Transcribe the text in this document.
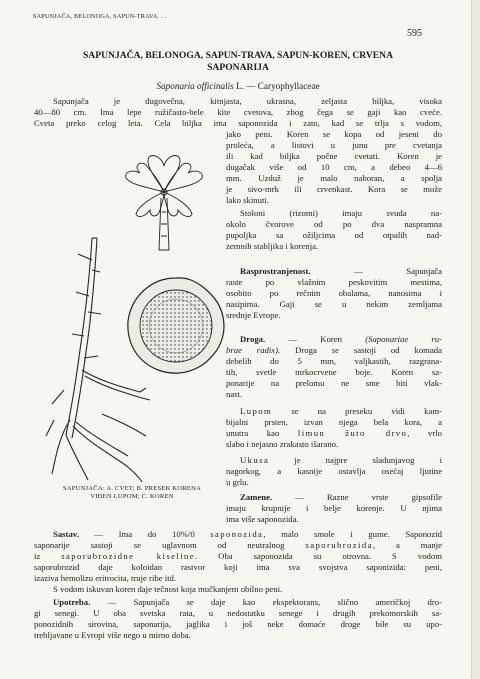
SAPUNJAČA, BELONOGA, SAPUN-TRAVA. . .
595
SAPUNJAČA, BELONOGA, SAPUN-TRAVA, SAPUN-KOREN, CRVENA
SAPONARIJA
Saponaria officinalis L. — Caryophyllaceae
Sapunjača je dugovečna, kitnjasta, ukrasna, zeljasta biljka, visoka
40—80 cm. Ima lepe ružičasto-bele kite cvetova, zbog čega se gaji kao cveće.
Cveta preko celog leta. Cela biljka ima saponozida i zato, kad se trlja s vodom,
jako peni. Koren se kopa od jeseni do
proleća, a listovi u junu pre cvetanja
ili kad biljka počne cvetati. Koren je
dugačak više od 10 cm, a debeo 4—6
mm. Uzduž je malo naboran, a spolja
je sivo-mrk ili crvenkast. Kora se može
lako skinuti.
Stoloni (rizomi) imaju svuda na-
okolo čvorove od po dva naspramna
pupoljka sa ožiljcima od otpalih nad-
zemnih stabljika i korenja.
Rasprostranjenost. — Sapunjača
raste po vlažnim peskovitim mestima,
osobito po rečnim obalama, nanosima i
nasipima. Gaji se u nekim zemljama
srednje Evrope.
Droga. — Koren (Saponariae ru-
brae radix). Droga se sastoji od komada
debelih do 5 mm, valjkastih, razgrana-
tih, svetle mrkocrvene boje. Koren sa-
ponarije na prelomu ne sme biti vlak-
nast.
Lupom se na preseku vidi kam-
bijalni prsten, izvan njega bela kora, a
unutra kao limun žuto drvo, vrlo
slabo i nejasno zrakasto išarano.
Ukusa je najpre sladunjavog i
nagorkog, a kasnije ostavlja osećaj ljutine
u grlu.
SAPUNJAČA: A. CVET; B. PRESEK KORENA
VIĐEN LUPOM; C. KOREN	Zamene. — Razne vrste gipsofile
imaju krupnije i belje korenje. U njima
ima više saponozida.
Sastav. — Ima do 10%/0 saponozida, malo smole i gume. Saponozid
saponarije sastoji se uglavnom od neutralnog saporubrozida, a manje
iz saporubrozidne kiseline. Oba saponozida su otrovna. S vodom
saporubrozid daje koloidan rastvor koji ima sva svojstva saponizida: peni,
izaziva hemolizu eritrocita, truje ribe itd.
S vodom iskuvan koren daje tečnost koja mučkanjem obilno peni.
Upotreba. — Sapunjača se daje kao ekspektorans, slično američkoj dro-
gi senegi. U oba svetska rata, u nedostatku senege i drugih prekomorskih sa-
ponozidnih sirovina, saponarija, jaglika i još neke domaće droge bile su upo-
trebljavane u Evropi više nego u mirno doba.
